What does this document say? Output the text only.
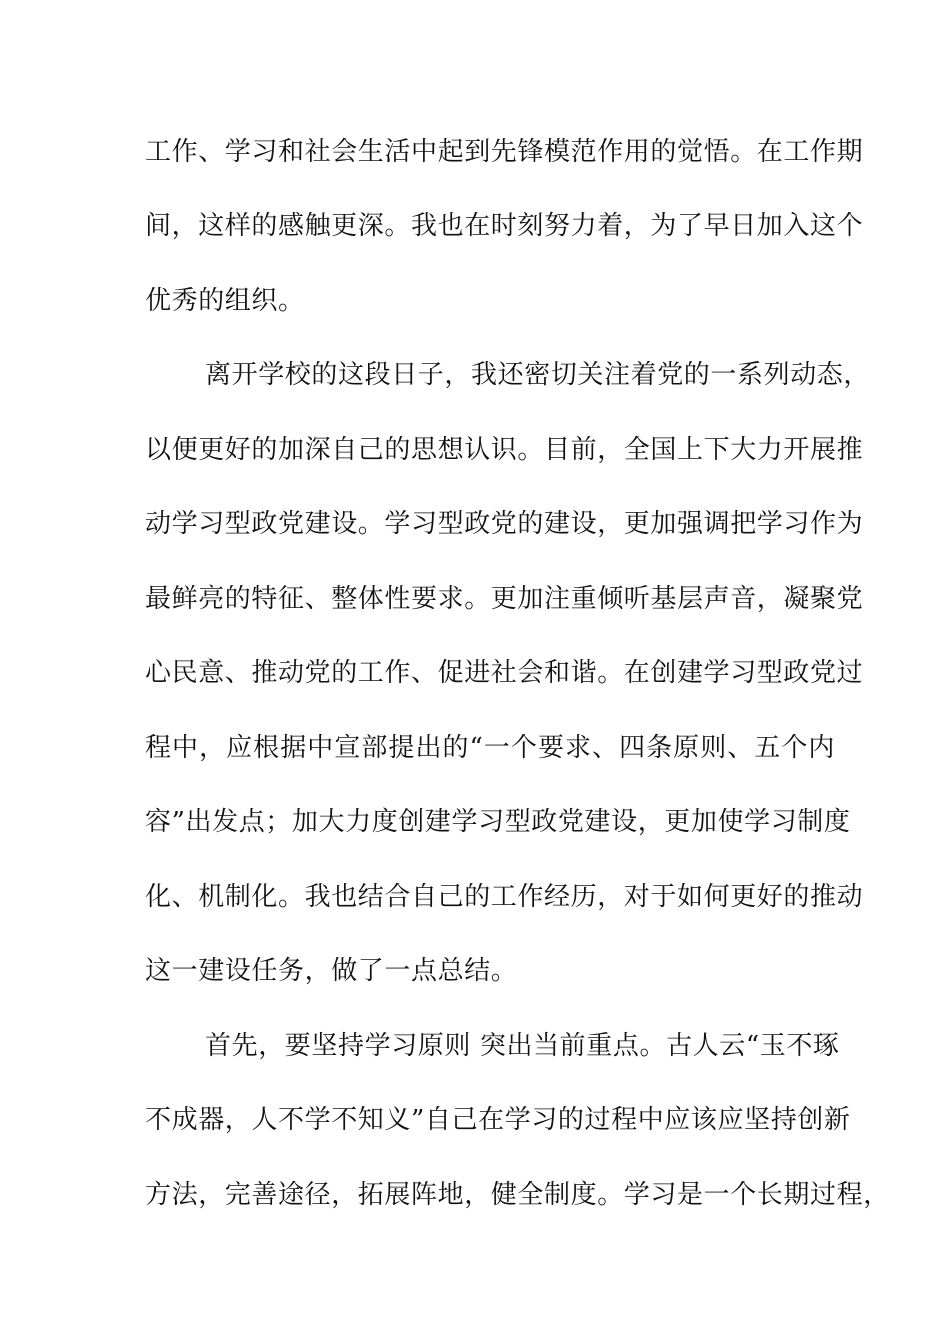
工作、学习和社会生活中起到先锋模范作用的觉悟。在工作期
间，这样的感触更深。我也在时刻努力着，为了早日加入这个
优秀的组织。
离开学校的这段日子，我还密切关注着党的一系列动态，
以便更好的加深自己的思想认识。目前，全国上下大力开展推
动学习型政党建设。学习型政党的建设，更加强调把学习作为
最鲜亮的特征、整体性要求。更加注重倾听基层声音，凝聚党
心民意、推动党的工作、促进社会和谐。在创建学习型政党过
程中，应根据中宣部提出的“一个要求、四条原则、五个内
容”出发点；加大力度创建学习型政党建设，更加使学习制度
化、机制化。我也结合自己的工作经历，对于如何更好的推动
这一建设任务，做了一点总结。
首先，要坚持学习原则 突出当前重点。古人云“玉不琢
不成器，人不学不知义”自己在学习的过程中应该应坚持创新
方法，完善途径，拓展阵地，健全制度。学习是一个长期过程，
